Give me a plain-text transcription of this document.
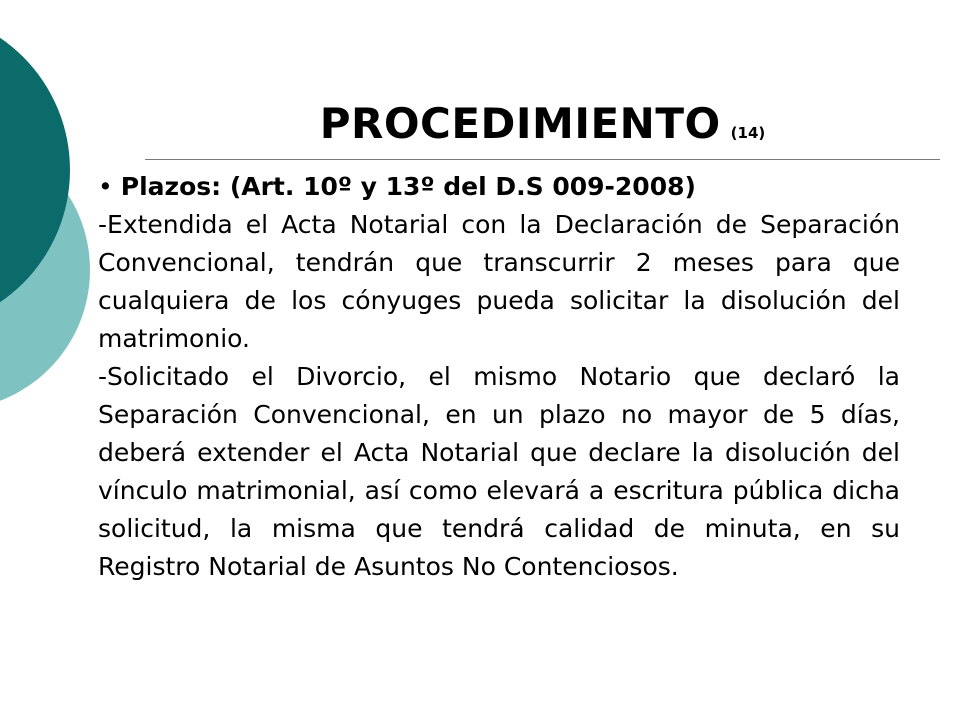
PROCEDIMIENTO (14)
• Plazos: (Art. 10º y 13º del D.S 009-2008)

-Extendida el Acta Notarial con la Declaración de Separación Convencional, tendrán que transcurrir 2 meses para que cualquiera de los cónyuges pueda solicitar la disolución del matrimonio.

-Solicitado el Divorcio, el mismo Notario que declaró la Separación Convencional, en un plazo no mayor de 5 días, deberá extender el Acta Notarial que declare la disolución del vínculo matrimonial, así como elevará a escritura pública dicha solicitud, la misma que tendrá calidad de minuta, en su Registro Notarial de Asuntos No Contenciosos.
